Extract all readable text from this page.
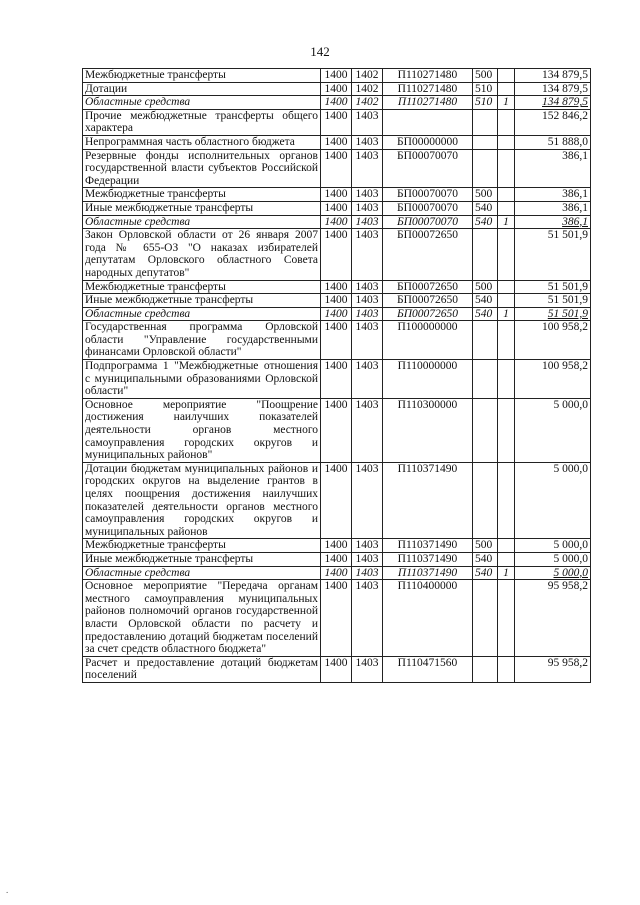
142
Межбюджетные трансферты	1400	1402	П110271480	500		134 879,5
Дотации	1400	1402	П110271480	510		134 879,5
Областные средства	1400	1402	П110271480	510	1	134 879,5
Прочие межбюджетные трансферты общего характера	1400	1403				152 846,2
Непрограммная часть областного бюджета	1400	1403	БП00000000			51 888,0
Резервные фонды исполнительных органов государственной власти субъектов Российской Федерации	1400	1403	БП00070070			386,1
Межбюджетные трансферты	1400	1403	БП00070070	500		386,1
Иные межбюджетные трансферты	1400	1403	БП00070070	540		386,1
Областные средства	1400	1403	БП00070070	540	1	386,1
Закон Орловской области от 26 января 2007 года № 655-ОЗ "О наказах избирателей депутатам Орловского областного Совета народных депутатов"	1400	1403	БП00072650			51 501,9
Межбюджетные трансферты	1400	1403	БП00072650	500		51 501,9
Иные межбюджетные трансферты	1400	1403	БП00072650	540		51 501,9
Областные средства	1400	1403	БП00072650	540	1	51 501,9
Государственная программа Орловской области "Управление государственными финансами Орловской области"	1400	1403	П100000000			100 958,2
Подпрограмма 1 "Межбюджетные отношения с муниципальными образованиями Орловской области"	1400	1403	П110000000			100 958,2
Основное мероприятие "Поощрение достижения наилучших показателей деятельности органов местного самоуправления городских округов и муниципальных районов"	1400	1403	П110300000			5 000,0
Дотации бюджетам муниципальных районов и городских округов на выделение грантов в целях поощрения достижения наилучших показателей деятельности органов местного самоуправления городских округов и муниципальных районов	1400	1403	П110371490			5 000,0
Межбюджетные трансферты	1400	1403	П110371490	500		5 000,0
Иные межбюджетные трансферты	1400	1403	П110371490	540		5 000,0
Областные средства	1400	1403	П110371490	540	1	5 000,0
Основное мероприятие "Передача органам местного самоуправления муниципальных районов полномочий органов государственной власти Орловской области по расчету и предоставлению дотаций бюджетам поселений за счет средств областного бюджета"	1400	1403	П110400000			95 958,2
Расчет и предоставление дотаций бюджетам поселений	1400	1403	П110471560			95 958,2
.
